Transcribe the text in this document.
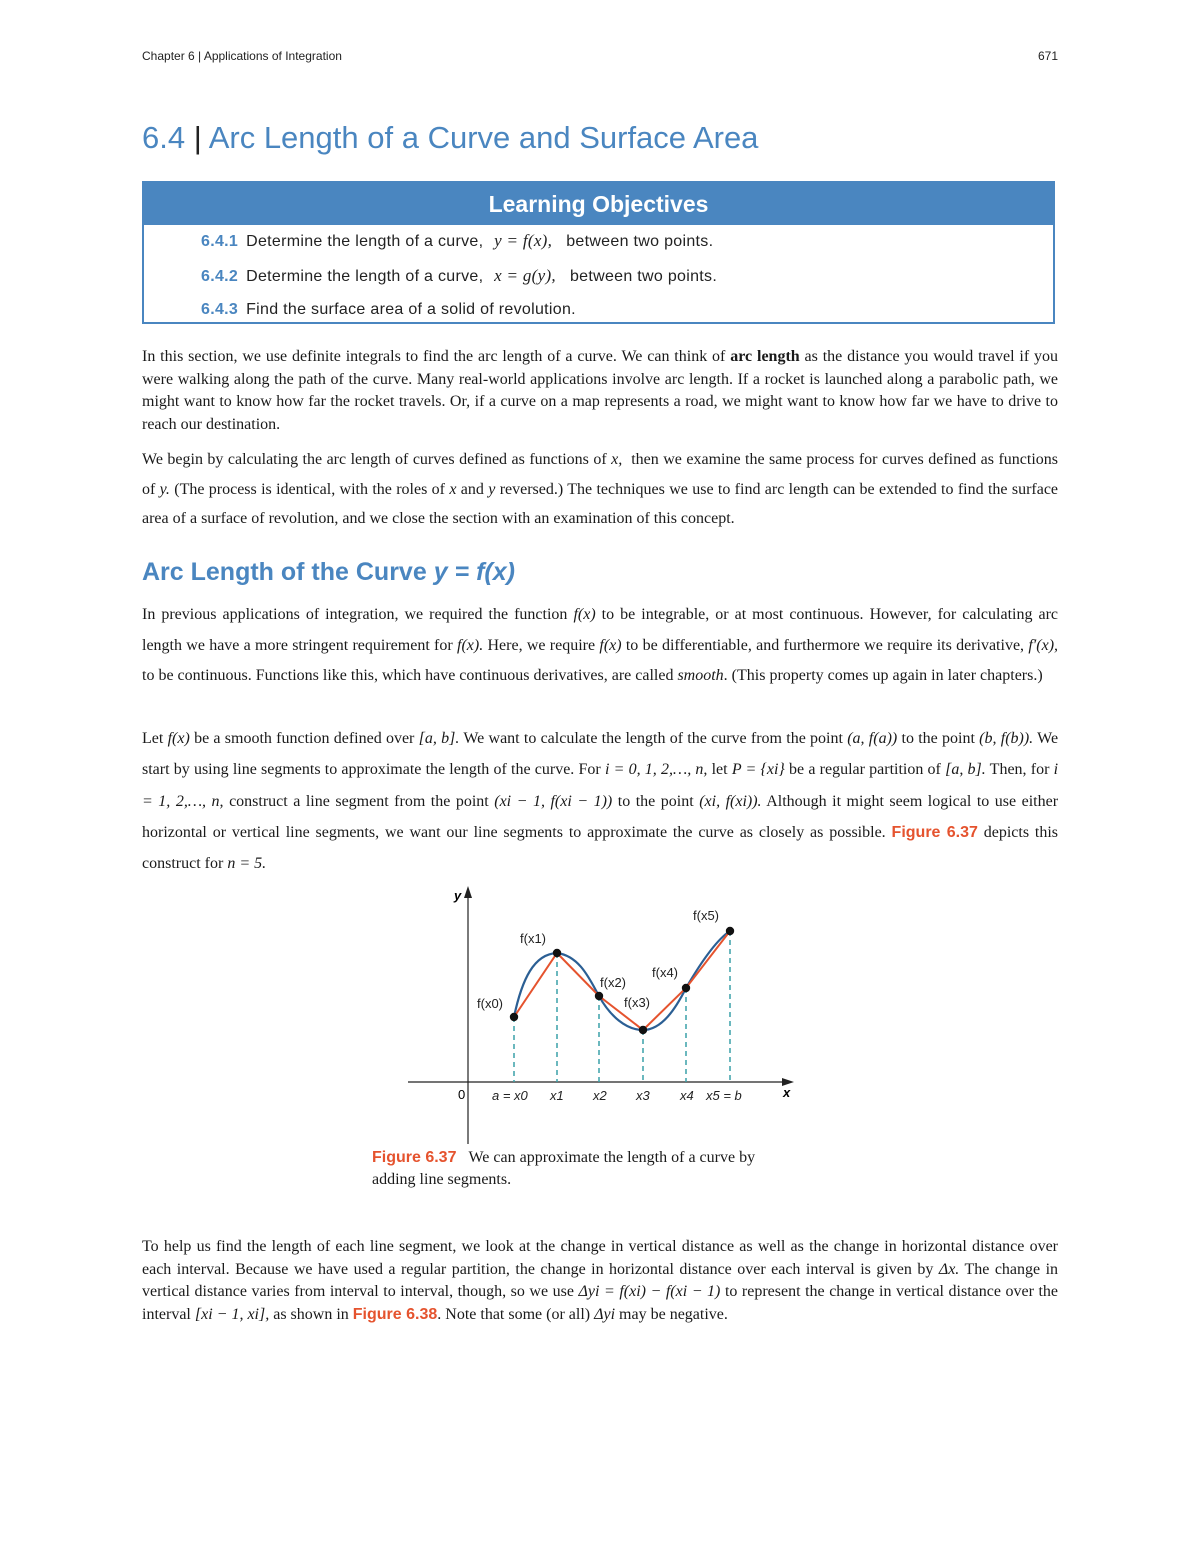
Chapter 6 | Applications of Integration	671
6.4 | Arc Length of a Curve and Surface Area
Learning Objectives
6.4.1 Determine the length of a curve, y = f(x), between two points.
6.4.2 Determine the length of a curve, x = g(y), between two points.
6.4.3 Find the surface area of a solid of revolution.

In this section, we use definite integrals to find the arc length of a curve. We can think of arc length as the distance you would travel if you were walking along the path of the curve. Many real-world applications involve arc length. If a rocket is launched along a parabolic path, we might want to know how far the rocket travels. Or, if a curve on a map represents a road, we might want to know how far we have to drive to reach our destination.

We begin by calculating the arc length of curves defined as functions of x, then we examine the same process for curves defined as functions of y. (The process is identical, with the roles of x and y reversed.) The techniques we use to find arc length can be extended to find the surface area of a surface of revolution, and we close the section with an examination of this concept.

Arc Length of the Curve y = f(x)

In previous applications of integration, we required the function f(x) to be integrable, or at most continuous. However, for calculating arc length we have a more stringent requirement for f(x). Here, we require f(x) to be differentiable, and furthermore we require its derivative, f′(x), to be continuous. Functions like this, which have continuous derivatives, are called smooth. (This property comes up again in later chapters.)

Let f(x) be a smooth function defined over [a, b]. We want to calculate the length of the curve from the point (a, f(a)) to the point (b, f(b)). We start by using line segments to approximate the length of the curve. For i = 0, 1, 2,…, n, let P = {xi} be a regular partition of [a, b]. Then, for i = 1, 2,…, n, construct a line segment from the point (xi − 1, f(xi − 1)) to the point (xi, f(xi)). Although it might seem logical to use either horizontal or vertical line segments, we want our line segments to approximate the curve as closely as possible. Figure 6.37 depicts this construct for n = 5.

y
x
0
f(x0)
f(x1)
f(x2)
f(x3)
f(x4)
f(x5)
a = x0 x1 x2 x3 x4 x5 = b

Figure 6.37 We can approximate the length of a curve by adding line segments.

To help us find the length of each line segment, we look at the change in vertical distance as well as the change in horizontal distance over each interval. Because we have used a regular partition, the change in horizontal distance over each interval is given by Δx. The change in vertical distance varies from interval to interval, though, so we use Δyi = f(xi) − f(xi − 1) to represent the change in vertical distance over the interval [xi − 1, xi], as shown in Figure 6.38. Note that some (or all) Δyi may be negative.
